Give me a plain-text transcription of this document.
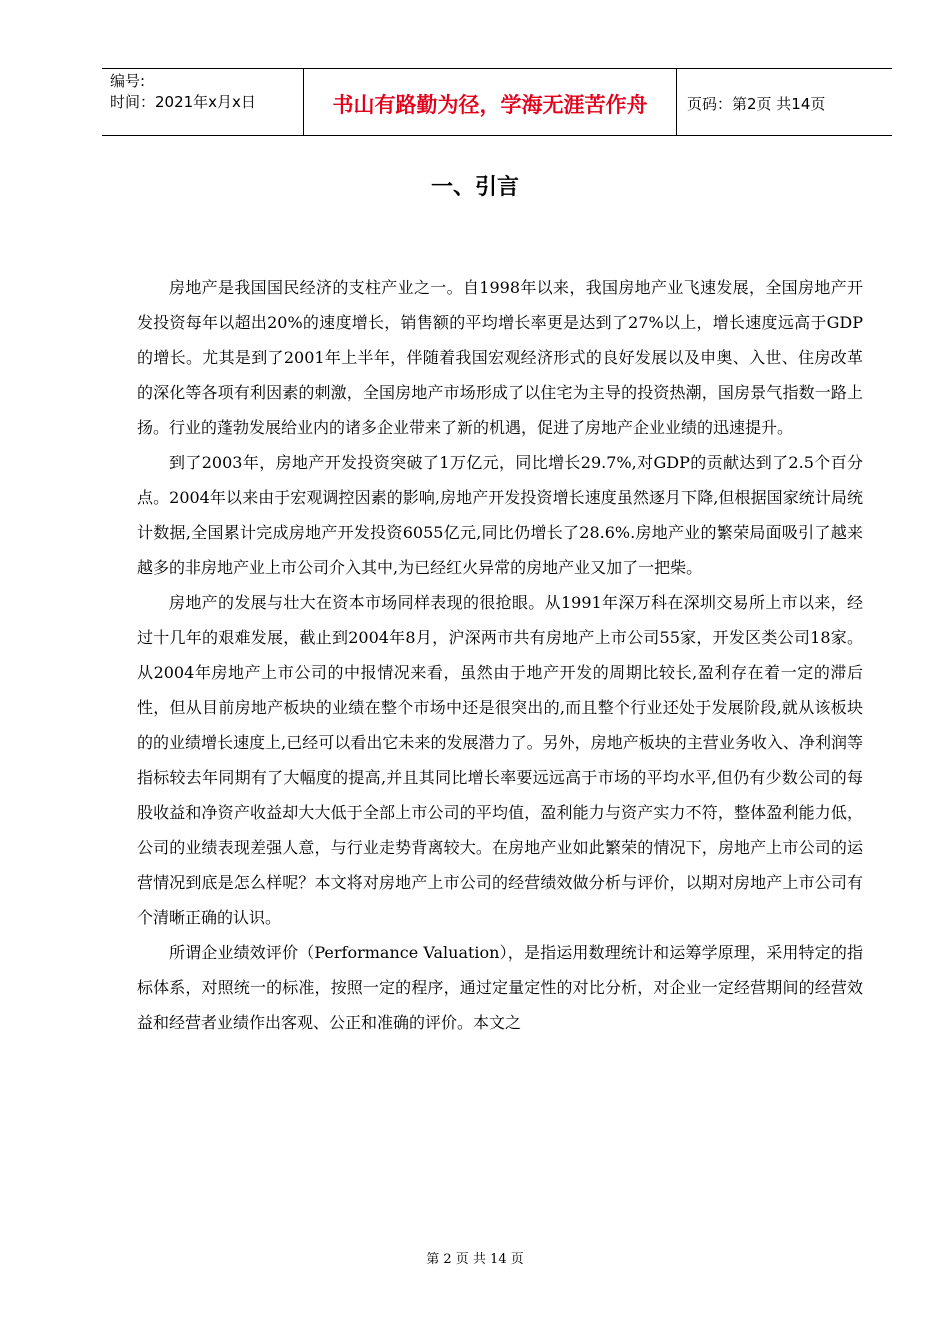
编号:
时间：2021年x月x日	书山有路勤为径，学海无涯苦作舟	页码：第2页 共14页
一、引言

房地产是我国国民经济的支柱产业之一。自1998年以来，我国房地产业飞速发展，全国房地产开发投资每年以超出20%的速度增长，销售额的平均增长率更是达到了27%以上，增长速度远高于GDP的增长。尤其是到了2001年上半年，伴随着我国宏观经济形式的良好发展以及申奥、入世、住房改革的深化等各项有利因素的刺激，全国房地产市场形成了以住宅为主导的投资热潮，国房景气指数一路上扬。行业的蓬勃发展给业内的诸多企业带来了新的机遇，促进了房地产企业业绩的迅速提升。

到了2003年，房地产开发投资突破了1万亿元，同比增长29.7%,对GDP的贡献达到了2.5个百分点。2004年以来由于宏观调控因素的影响,房地产开发投资增长速度虽然逐月下降,但根据国家统计局统计数据,全国累计完成房地产开发投资6055亿元,同比仍增长了28.6%.房地产业的繁荣局面吸引了越来越多的非房地产业上市公司介入其中,为已经红火异常的房地产业又加了一把柴。

房地产的发展与壮大在资本市场同样表现的很抢眼。从1991年深万科在深圳交易所上市以来，经过十几年的艰难发展，截止到2004年8月，沪深两市共有房地产上市公司55家，开发区类公司18家。从2004年房地产上市公司的中报情况来看，虽然由于地产开发的周期比较长,盈利存在着一定的滞后性，但从目前房地产板块的业绩在整个市场中还是很突出的,而且整个行业还处于发展阶段,就从该板块的的业绩增长速度上,已经可以看出它未来的发展潜力了。另外，房地产板块的主营业务收入、净利润等指标较去年同期有了大幅度的提高,并且其同比增长率要远远高于市场的平均水平,但仍有少数公司的每股收益和净资产收益却大大低于全部上市公司的平均值，盈利能力与资产实力不符，整体盈利能力低，公司的业绩表现差强人意，与行业走势背离较大。在房地产业如此繁荣的情况下，房地产上市公司的运营情况到底是怎么样呢？本文将对房地产上市公司的经营绩效做分析与评价，以期对房地产上市公司有个清晰正确的认识。

所谓企业绩效评价（Performance Valuation），是指运用数理统计和运筹学原理，采用特定的指标体系，对照统一的标准，按照一定的程序，通过定量定性的对比分析，对企业一定经营期间的经营效益和经营者业绩作出客观、公正和准确的评价。本文之

第 2 页 共 14 页
